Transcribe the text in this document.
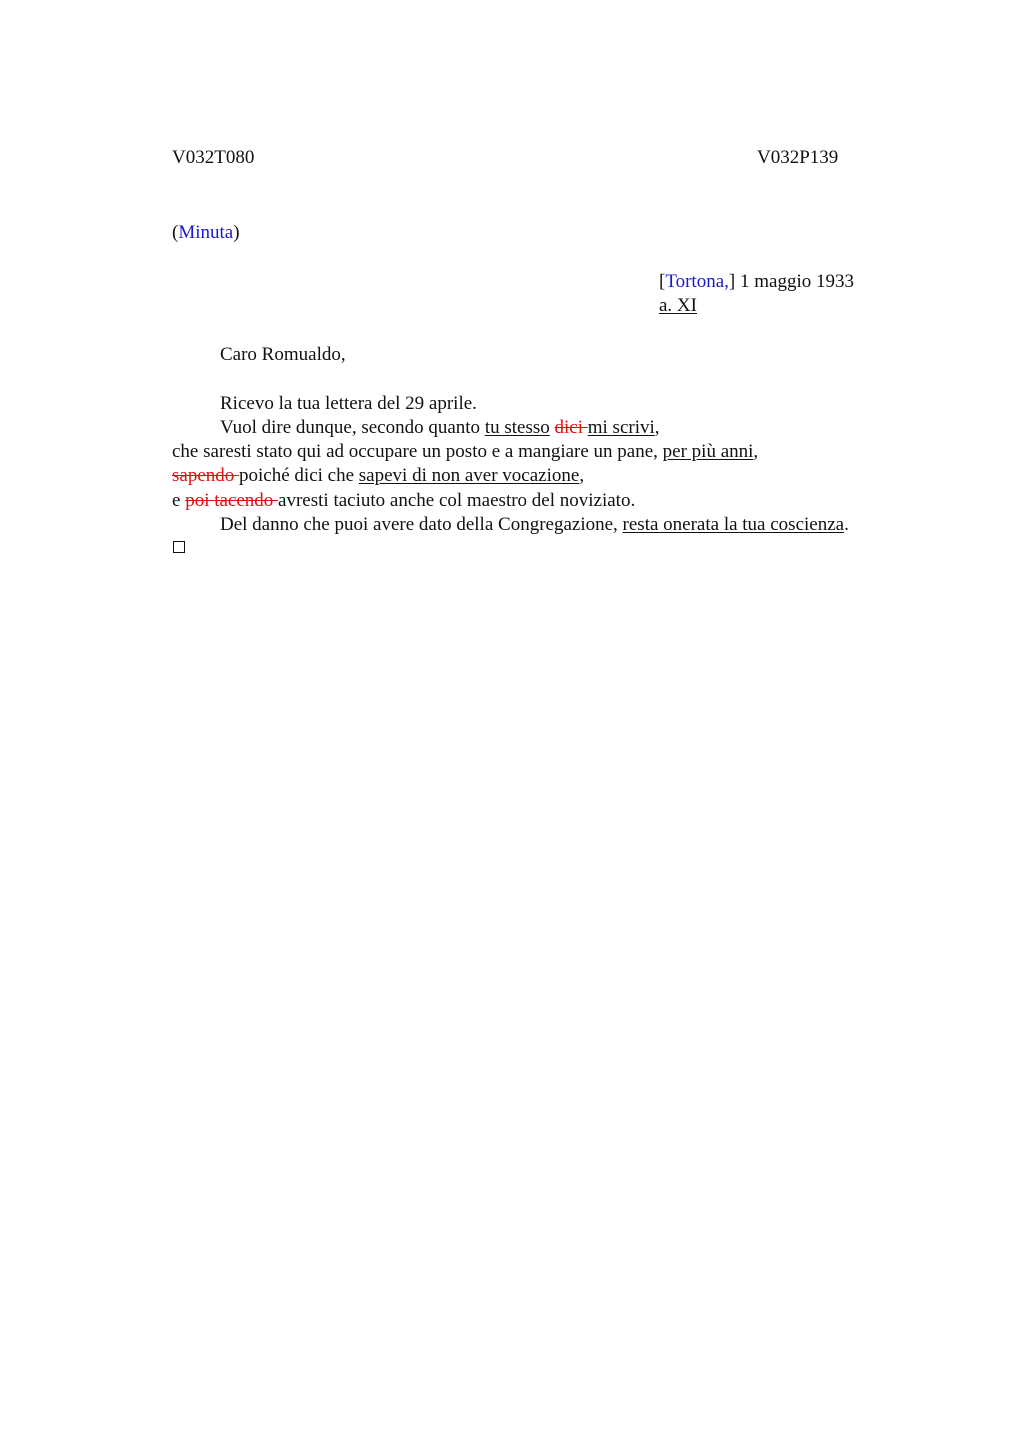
V032T080	V032P139
(Minuta)
[Tortona,] 1 maggio 1933
a. XI
Caro Romualdo,
Ricevo la tua lettera del 29 aprile.
Vuol dire dunque, secondo quanto tu stesso dici mi scrivi,
che saresti stato qui ad occupare un posto e a mangiare un pane, per più anni,
sapendo poiché dici che sapevi di non aver vocazione,
e poi tacendo avresti taciuto anche col maestro del noviziato.
Del danno che puoi avere dato della Congregazione, resta onerata la tua coscienza.
